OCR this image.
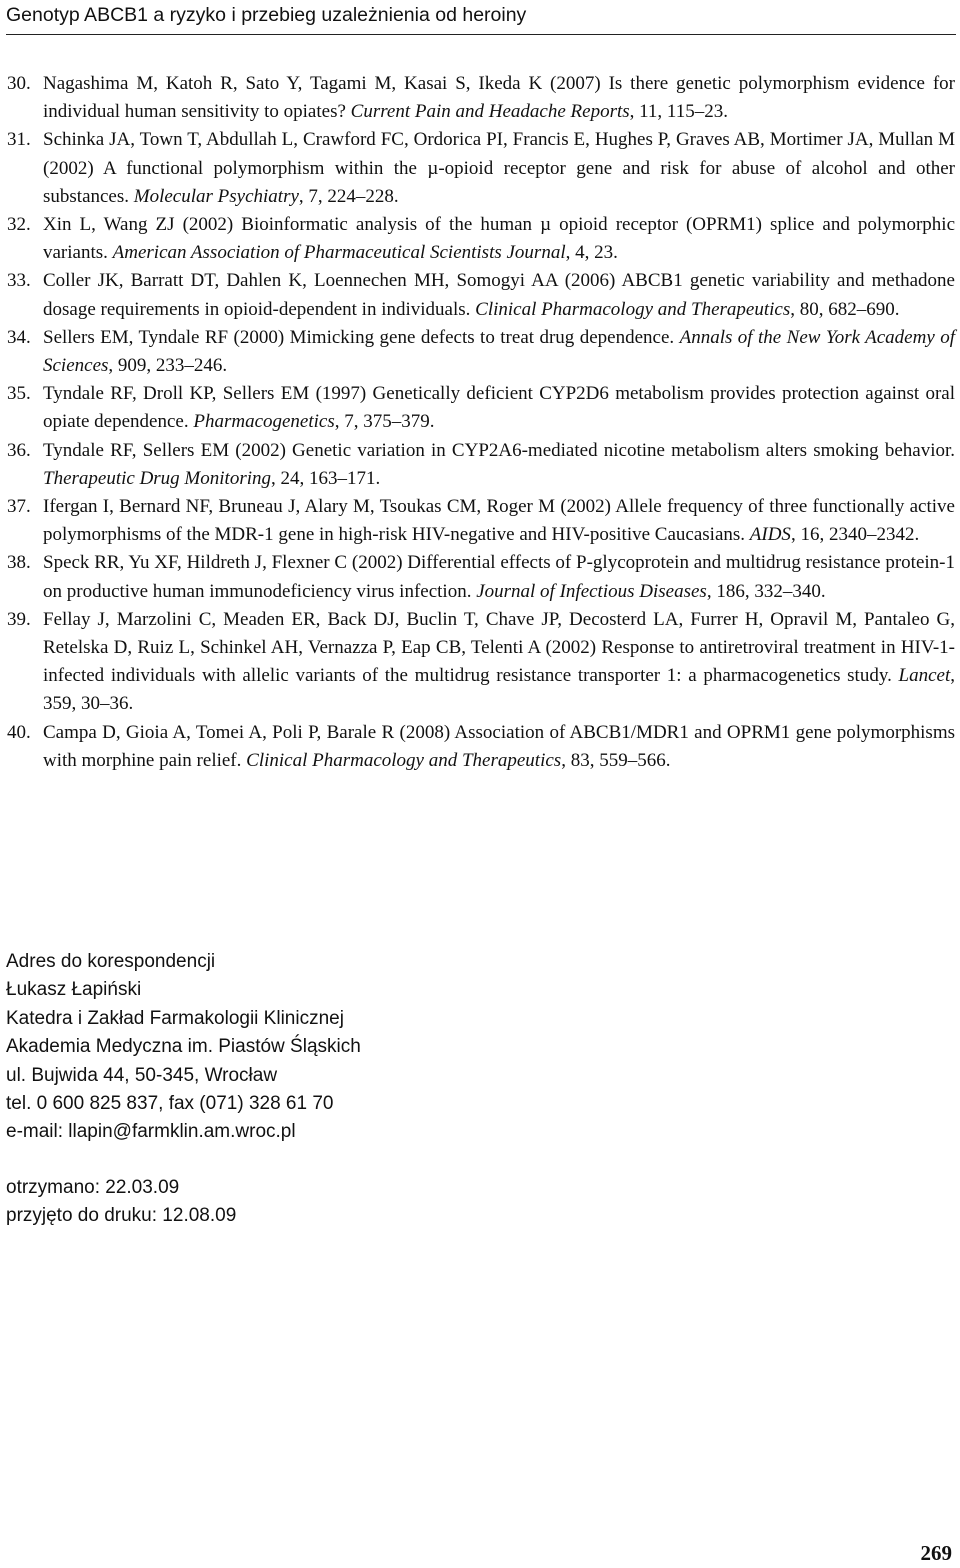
Genotyp ABCB1 a ryzyko i przebieg uzależnienia od heroiny
30. Nagashima M, Katoh R, Sato Y, Tagami M, Kasai S, Ikeda K (2007) Is there genetic polymorphism evidence for individual human sensitivity to opiates? Current Pain and Headache Reports, 11, 115–23.
31. Schinka JA, Town T, Abdullah L, Crawford FC, Ordorica PI, Francis E, Hughes P, Graves AB, Mortimer JA, Mullan M (2002) A functional polymorphism within the µ-opioid receptor gene and risk for abuse of alcohol and other substances. Molecular Psychiatry, 7, 224–228.
32. Xin L, Wang ZJ (2002) Bioinformatic analysis of the human µ opioid receptor (OPRM1) splice and polymorphic variants. American Association of Pharmaceutical Scientists Journal, 4, 23.
33. Coller JK, Barratt DT, Dahlen K, Loennechen MH, Somogyi AA (2006) ABCB1 genetic variability and methadone dosage requirements in opioid-dependent in individuals. Clinical Pharmacology and Therapeutics, 80, 682–690.
34. Sellers EM, Tyndale RF (2000) Mimicking gene defects to treat drug dependence. Annals of the New York Academy of Sciences, 909, 233–246.
35. Tyndale RF, Droll KP, Sellers EM (1997) Genetically deficient CYP2D6 metabolism provides protection against oral opiate dependence. Pharmacogenetics, 7, 375–379.
36. Tyndale RF, Sellers EM (2002) Genetic variation in CYP2A6-mediated nicotine metabolism alters smoking behavior. Therapeutic Drug Monitoring, 24, 163–171.
37. Ifergan I, Bernard NF, Bruneau J, Alary M, Tsoukas CM, Roger M (2002) Allele frequency of three functionally active polymorphisms of the MDR-1 gene in high-risk HIV-negative and HIV-positive Caucasians. AIDS, 16, 2340–2342.
38. Speck RR, Yu XF, Hildreth J, Flexner C (2002) Differential effects of P-glycoprotein and multidrug resistance protein-1 on productive human immunodeficiency virus infection. Journal of Infectious Diseases, 186, 332–340.
39. Fellay J, Marzolini C, Meaden ER, Back DJ, Buclin T, Chave JP, Decosterd LA, Furrer H, Opravil M, Pantaleo G, Retelska D, Ruiz L, Schinkel AH, Vernazza P, Eap CB, Telenti A (2002) Response to antiretroviral treatment in HIV-1-infected individuals with allelic variants of the multidrug resistance transporter 1: a pharmacogenetics study. Lancet, 359, 30–36.
40. Campa D, Gioia A, Tomei A, Poli P, Barale R (2008) Association of ABCB1/MDR1 and OPRM1 gene polymorphisms with morphine pain relief. Clinical Pharmacology and Therapeutics, 83, 559–566.
Adres do korespondencji
Łukasz Łapiński
Katedra i Zakład Farmakologii Klinicznej
Akademia Medyczna im. Piastów Śląskich
ul. Bujwida 44, 50-345, Wrocław
tel. 0 600 825 837, fax (071) 328 61 70
e-mail: llapin@farmklin.am.wroc.pl
otrzymano: 22.03.09
przyjęto do druku: 12.08.09
269
